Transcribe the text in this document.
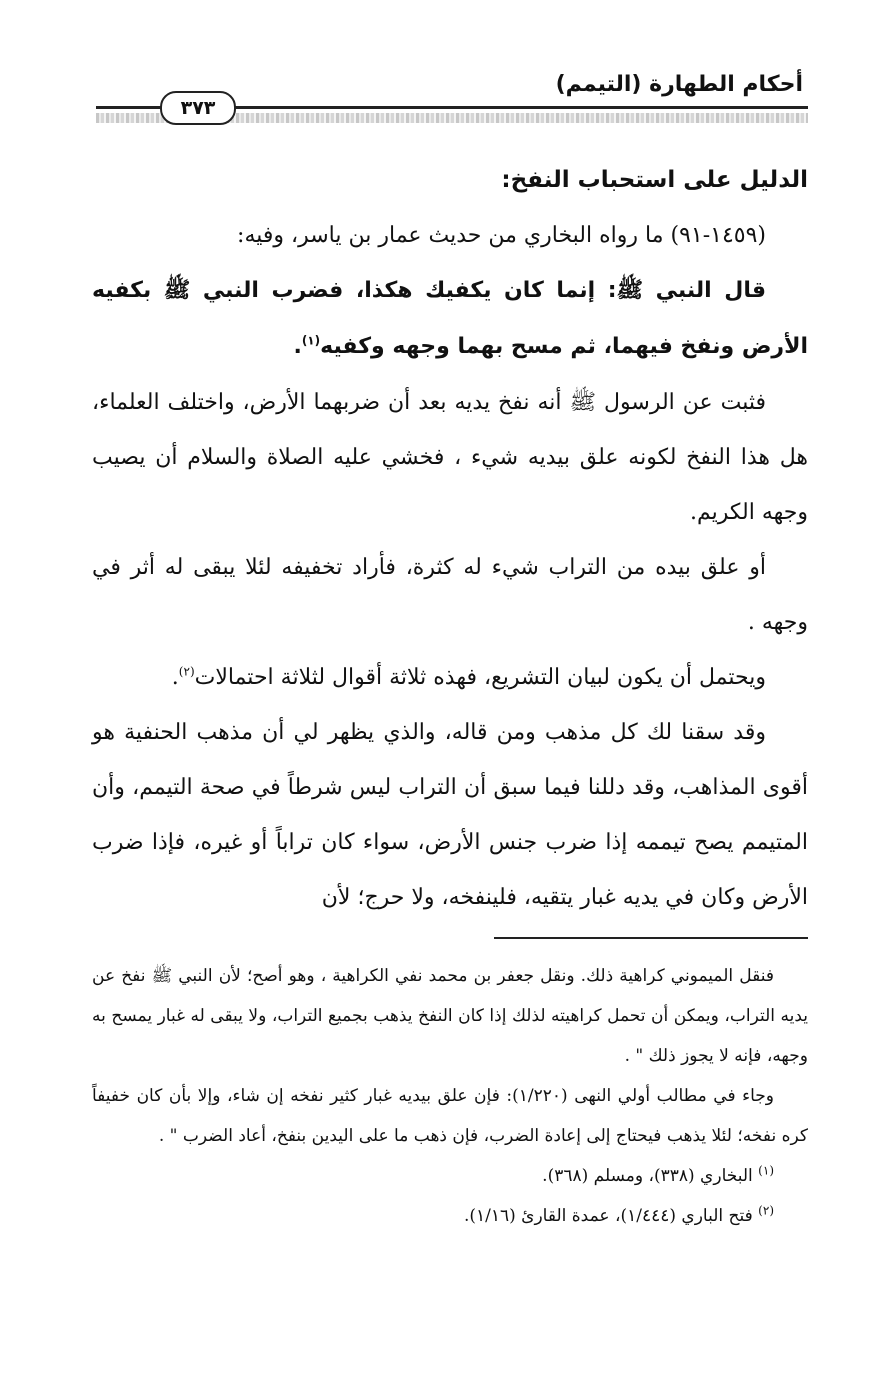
أحكام الطهارة (التيمم)
٣٧٣

الدليل على استحباب النفخ:

(١٤٥٩-٩١) ما رواه البخاري من حديث عمار بن ياسر، وفيه:

قال النبي ﷺ: إنما كان يكفيك هكذا، فضرب النبي ﷺ بكفيه الأرض ونفخ فيهما، ثم مسح بهما وجهه وكفيه$^{(١)}$.

فثبت عن الرسول ﷺ أنه نفخ يديه بعد أن ضربهما الأرض، واختلف العلماء، هل هذا النفخ لكونه علق بيديه شيء ، فخشي عليه الصلاة والسلام أن يصيب وجهه الكريم.

أو علق بيده من التراب شيء له كثرة، فأراد تخفيفه لئلا يبقى له أثر في وجهه .

ويحتمل أن يكون لبيان التشريع، فهذه ثلاثة أقوال لثلاثة احتمالات$^{(٢)}$.

وقد سقنا لك كل مذهب ومن قاله، والذي يظهر لي أن مذهب الحنفية هو أقوى المذاهب، وقد دللنا فيما سبق أن التراب ليس شرطاً في صحة التيمم، وأن المتيمم يصح تيممه إذا ضرب جنس الأرض، سواء كان تراباً أو غيره، فإذا ضرب الأرض وكان في يديه غبار يتقيه، فلينفخه، ولا حرج؛ لأن

فنقل الميموني كراهية ذلك. ونقل جعفر بن محمد نفي الكراهية ، وهو أصح؛ لأن النبي ﷺ نفخ عن يديه التراب، ويمكن أن تحمل كراهيته لذلك إذا كان النفخ يذهب بجميع التراب، ولا يبقى له غبار يمسح به وجهه، فإنه لا يجوز ذلك " .

وجاء في مطالب أولي النهى (١/٢٢٠): فإن علق بيديه غبار كثير نفخه إن شاء، وإلا بأن كان خفيفاً كره نفخه؛ لئلا يذهب فيحتاج إلى إعادة الضرب، فإن ذهب ما على اليدين بنفخ، أعاد الضرب " .

$^{(١)}$ البخاري (٣٣٨)، ومسلم (٣٦٨).

$^{(٢)}$ فتح الباري (١/٤٤٤)، عمدة القارئ (١/١٦).
